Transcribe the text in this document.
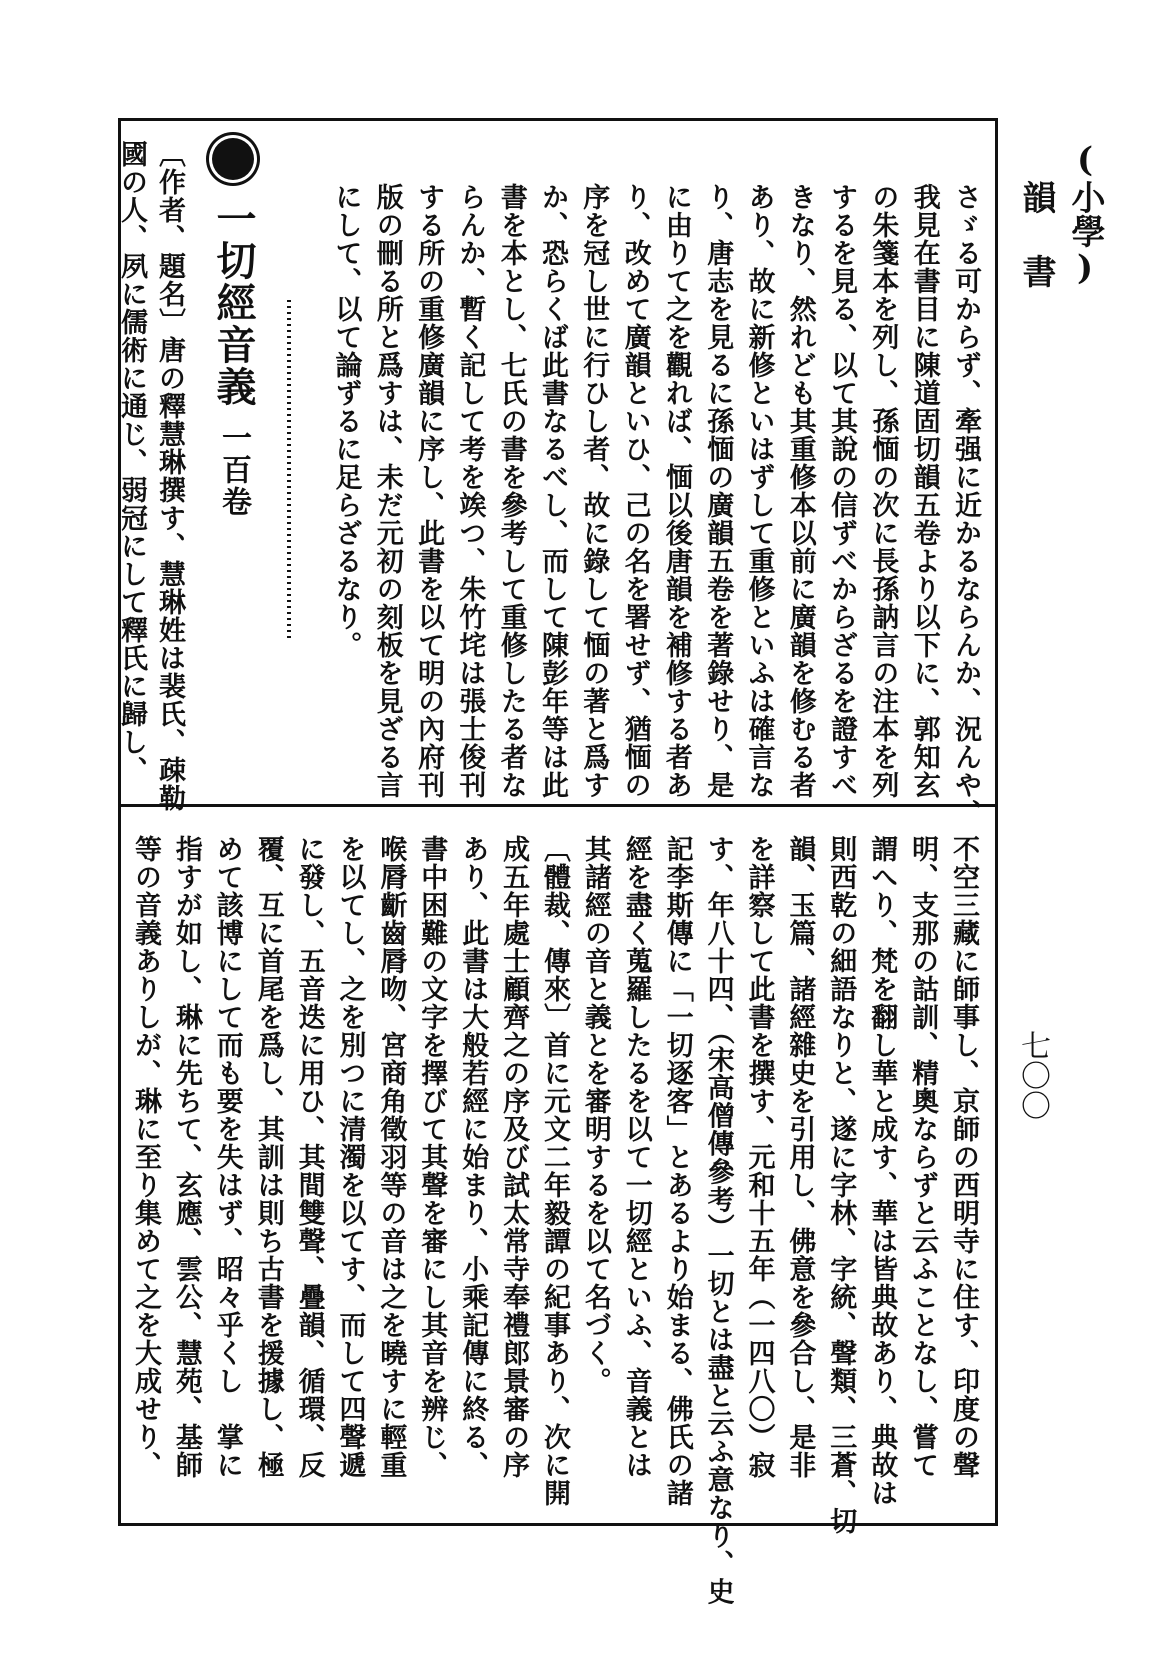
(小學)
韻書
七〇〇
さゞる可からず、牽强に近かるならんか、況んや、
我見在書目に陳道固切韻五卷より以下に、郭知玄
の朱箋本を列し、孫愐の次に長孫訥言の注本を列
するを見る、以て其說の信ずべからざるを證すべ
きなり、然れども其重修本以前に廣韻を修むる者
あり、故に新修といはずして重修といふは確言な
り、唐志を見るに孫愐の廣韻五卷を著錄せり、是
に由りて之を觀れば、愐以後唐韻を補修する者あ
り、改めて廣韻といひ、己の名を署せず、猶愐の
序を冠し世に行ひし者、故に錄して愐の著と爲す
か、恐らくば此書なるべし、而して陳彭年等は此
書を本とし、七氏の書を參考して重修したる者な
らんか、暫く記して考を竢つ、朱竹垞は張士俊刊
する所の重修廣韻に序し、此書を以て明の內府刊
版の刪る所と爲すは、未だ元初の刻板を見ざる言
にして、以て論ずるに足らざるなり。
〔作者、題名〕唐の釋慧琳撰す、慧琳姓は裴氏、疎勒
國の人、夙に儒術に通じ、弱冠にして釋氏に歸し、 一切經音義一百卷
不空三藏に師事し、京師の西明寺に住す、印度の聲
明、支那の詁訓、精奧ならずと云ふことなし、嘗て
謂へり、梵を翻し華と成す、華は皆典故あり、典故は
則西乾の細語なりと、遂に字林、字統、聲類、三蒼、切
韻、玉篇、諸經雜史を引用し、佛意を參合し、是非
を詳察して此書を撰す、元和十五年（一四八〇）寂
す、年八十四、（宋高僧傳參考）一切とは盡と云ふ意なり、史
記李斯傳に「一切逐客」とあるより始まる、佛氏の諸
經を盡く蒐羅したるを以て一切經といふ、音義とは
其諸經の音と義とを審明するを以て名づく。
〔體裁、傳來〕首に元文二年毅譚の紀事あり、次に開
成五年處士顧齊之の序及び試太常寺奉禮郎景審の序
あり、此書は大般若經に始まり、小乘記傳に終る、
書中困難の文字を擇びて其聲を審にし其音を辨じ、
喉脣齗齒脣吻、宮商角徵羽等の音は之を曉すに輕重
を以てし、之を別つに清濁を以てす、而して四聲遞
に發し、五音迭に用ひ、其間雙聲、疊韻、循環、反
覆、互に首尾を爲し、其訓は則ち古書を援據し、極
めて該博にして而も要を失はず、昭々乎くし　掌に
指すが如し、琳に先ちて、玄應、雲公、慧苑、基師
等の音義ありしが、琳に至り集めて之を大成せり、
